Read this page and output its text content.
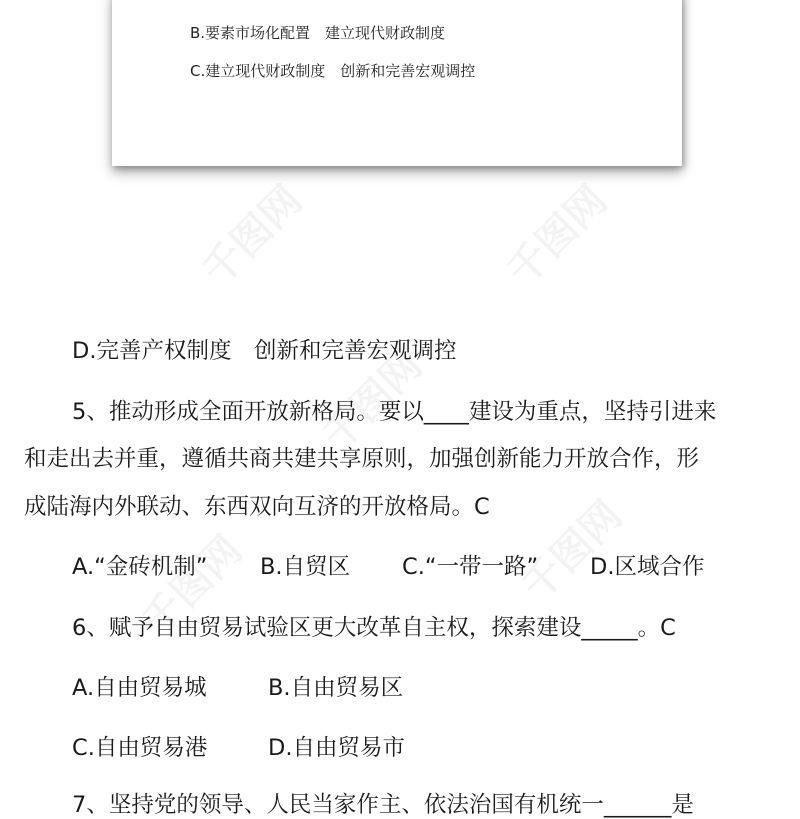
B.要素市场化配置　建立现代财政制度
C.建立现代财政制度　创新和完善宏观调控
D.完善产权制度　创新和完善宏观调控
5、推动形成全面开放新格局。要以____建设为重点，坚持引进来
和走出去并重，遵循共商共建共享原则，加强创新能力开放合作，形
成陆海内外联动、东西双向互济的开放格局。C
A.“金砖机制” B.自贸区 C.“一带一路” D.区域合作
6、赋予自由贸易试验区更大改革自主权，探索建设_____。C
A.自由贸易城	B.自由贸易区
C.自由贸易港	D.自由贸易市
7、坚持党的领导、人民当家作主、依法治国有机统一______是
